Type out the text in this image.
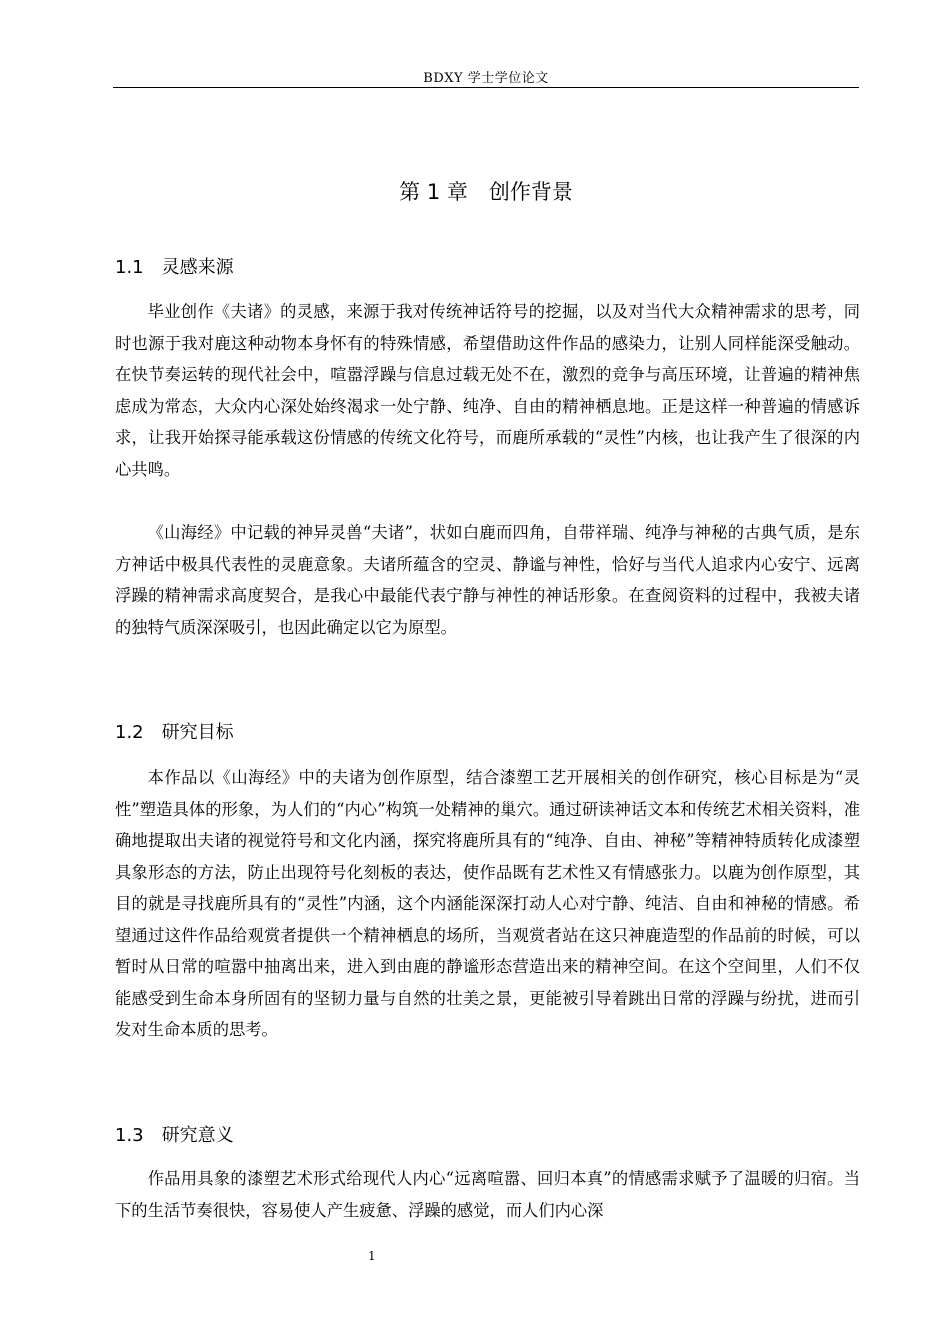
BDXY 学士学位论文
第 1 章　创作背景
1.1　灵感来源

毕业创作《夫诸》的灵感，来源于我对传统神话符号的挖掘，以及对当代大众精神需求的思考，同时也源于我对鹿这种动物本身怀有的特殊情感，希望借助这件作品的感染力，让别人同样能深受触动。在快节奏运转的现代社会中，喧嚣浮躁与信息过载无处不在，激烈的竞争与高压环境，让普遍的精神焦虑成为常态，大众内心深处始终渴求一处宁静、纯净、自由的精神栖息地。正是这样一种普遍的情感诉求，让我开始探寻能承载这份情感的传统文化符号，而鹿所承载的“灵性”内核，也让我产生了很深的内心共鸣。

《山海经》中记载的神异灵兽“夫诸”，状如白鹿而四角，自带祥瑞、纯净与神秘的古典气质，是东方神话中极具代表性的灵鹿意象。夫诸所蕴含的空灵、静谧与神性，恰好与当代人追求内心安宁、远离浮躁的精神需求高度契合，是我心中最能代表宁静与神性的神话形象。在查阅资料的过程中，我被夫诸的独特气质深深吸引，也因此确定以它为原型。

1.2　研究目标

本作品以《山海经》中的夫诸为创作原型，结合漆塑工艺开展相关的创作研究，核心目标是为“灵性”塑造具体的形象，为人们的“内心”构筑一处精神的巢穴。通过研读神话文本和传统艺术相关资料，准确地提取出夫诸的视觉符号和文化内涵，探究将鹿所具有的“纯净、自由、神秘”等精神特质转化成漆塑具象形态的方法，防止出现符号化刻板的表达，使作品既有艺术性又有情感张力。以鹿为创作原型，其目的就是寻找鹿所具有的“灵性”内涵，这个内涵能深深打动人心对宁静、纯洁、自由和神秘的情感。希望通过这件作品给观赏者提供一个精神栖息的场所，当观赏者站在这只神鹿造型的作品前的时候，可以暂时从日常的喧嚣中抽离出来，进入到由鹿的静谧形态营造出来的精神空间。在这个空间里，人们不仅能感受到生命本身所固有的坚韧力量与自然的壮美之景，更能被引导着跳出日常的浮躁与纷扰，进而引发对生命本质的思考。

1.3　研究意义

作品用具象的漆塑艺术形式给现代人内心“远离喧嚣、回归本真”的情感需求赋予了温暖的归宿。当下的生活节奏很快，容易使人产生疲惫、浮躁的感觉，而人们内心深

1
